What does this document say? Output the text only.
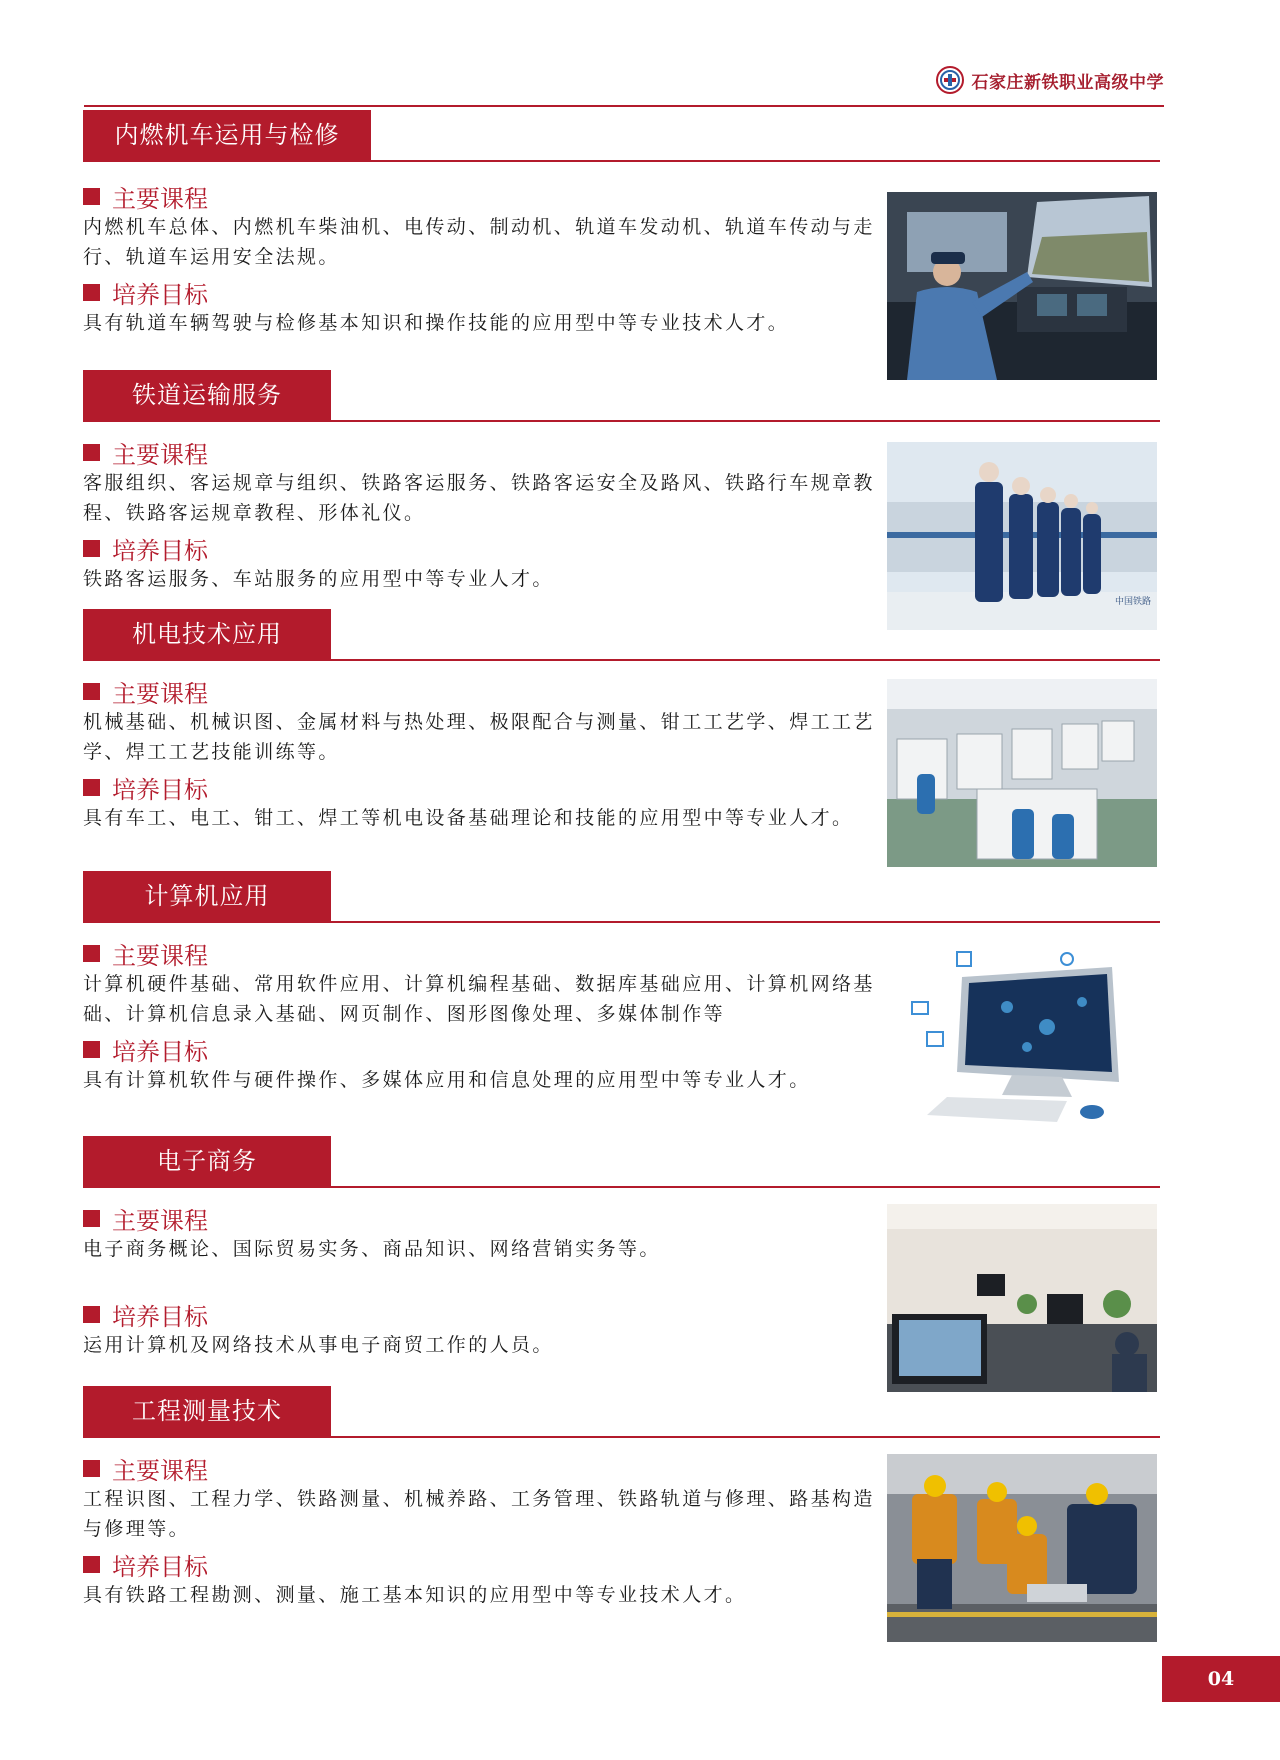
石家庄新铁职业高级中学
内燃机车运用与检修
主要课程

内燃机车总体、内燃机车柴油机、电传动、制动机、轨道车发动机、轨道车传动与走行、轨道车运用安全法规。

培养目标

具有轨道车辆驾驶与检修基本知识和操作技能的应用型中等专业技术人才。

铁道运输服务
主要课程

客服组织、客运规章与组织、铁路客运服务、铁路客运安全及路风、铁路行车规章教程、铁路客运规章教程、形体礼仪。

培养目标

铁路客运服务、车站服务的应用型中等专业人才。

中国铁路
机电技术应用
主要课程

机械基础、机械识图、金属材料与热处理、极限配合与测量、钳工工艺学、焊工工艺学、焊工工艺技能训练等。

培养目标

具有车工、电工、钳工、焊工等机电设备基础理论和技能的应用型中等专业人才。

计算机应用
主要课程

计算机硬件基础、常用软件应用、计算机编程基础、数据库基础应用、计算机网络基础、计算机信息录入基础、网页制作、图形图像处理、多媒体制作等

培养目标

具有计算机软件与硬件操作、多媒体应用和信息处理的应用型中等专业人才。

电子商务
主要课程

电子商务概论、国际贸易实务、商品知识、网络营销实务等。

培养目标

运用计算机及网络技术从事电子商贸工作的人员。

工程测量技术
主要课程

工程识图、工程力学、铁路测量、机械养路、工务管理、铁路轨道与修理、路基构造与修理等。

培养目标

具有铁路工程勘测、测量、施工基本知识的应用型中等专业技术人才。

04
